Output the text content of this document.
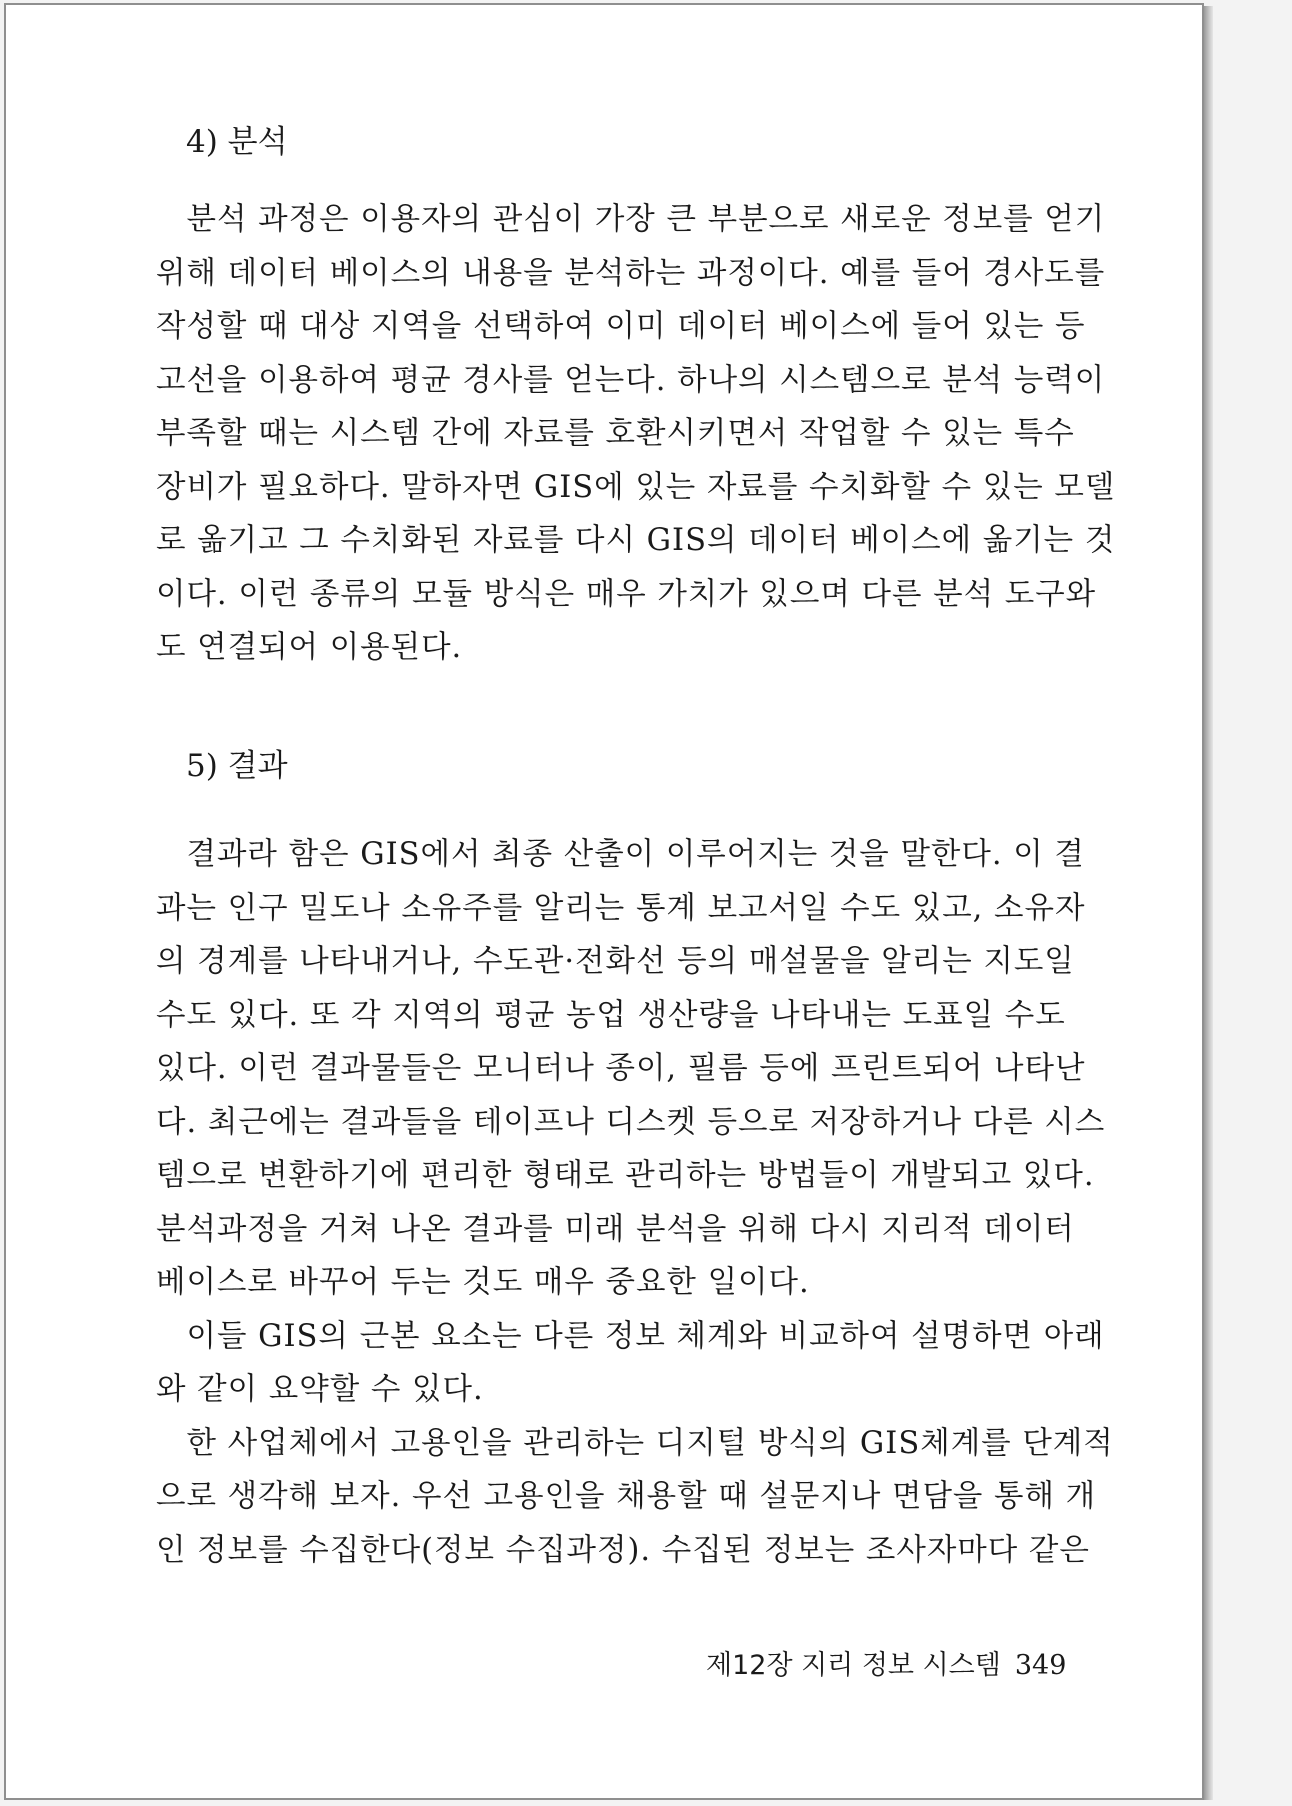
4) 분석
분석 과정은 이용자의 관심이 가장 큰 부분으로 새로운 정보를 얻기
위해 데이터 베이스의 내용을 분석하는 과정이다. 예를 들어 경사도를
작성할 때 대상 지역을 선택하여 이미 데이터 베이스에 들어 있는 등
고선을 이용하여 평균 경사를 얻는다. 하나의 시스템으로 분석 능력이
부족할 때는 시스템 간에 자료를 호환시키면서 작업할 수 있는 특수
장비가 필요하다. 말하자면 GIS에 있는 자료를 수치화할 수 있는 모델
로 옮기고 그 수치화된 자료를 다시 GIS의 데이터 베이스에 옮기는 것
이다. 이런 종류의 모듈 방식은 매우 가치가 있으며 다른 분석 도구와
도 연결되어 이용된다.
5) 결과
결과라 함은 GIS에서 최종 산출이 이루어지는 것을 말한다. 이 결
과는 인구 밀도나 소유주를 알리는 통계 보고서일 수도 있고, 소유자
의 경계를 나타내거나, 수도관·전화선 등의 매설물을 알리는 지도일
수도 있다. 또 각 지역의 평균 농업 생산량을 나타내는 도표일 수도
있다. 이런 결과물들은 모니터나 종이, 필름 등에 프린트되어 나타난
다. 최근에는 결과들을 테이프나 디스켓 등으로 저장하거나 다른 시스
템으로 변환하기에 편리한 형태로 관리하는 방법들이 개발되고 있다.
분석과정을 거쳐 나온 결과를 미래 분석을 위해 다시 지리적 데이터
베이스로 바꾸어 두는 것도 매우 중요한 일이다.
이들 GIS의 근본 요소는 다른 정보 체계와 비교하여 설명하면 아래
와 같이 요약할 수 있다.
한 사업체에서 고용인을 관리하는 디지털 방식의 GIS체계를 단계적
으로 생각해 보자. 우선 고용인을 채용할 때 설문지나 면담을 통해 개
인 정보를 수집한다(정보 수집과정). 수집된 정보는 조사자마다 같은
제12장 지리 정보 시스템 349
